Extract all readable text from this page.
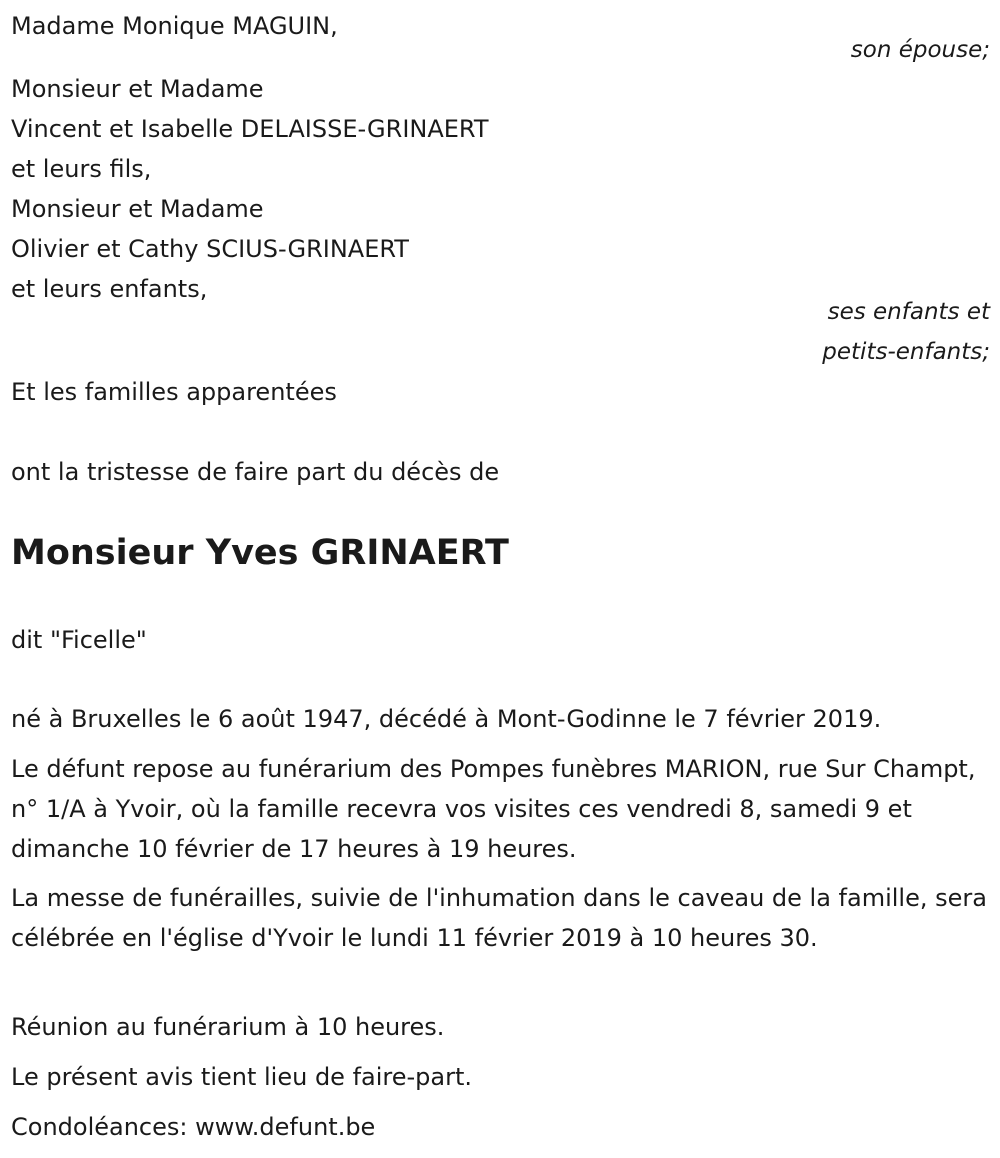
Madame Monique MAGUIN,
son épouse;
Monsieur et Madame
Vincent et Isabelle DELAISSE-GRINAERT
et leurs fils,
Monsieur et Madame
Olivier et Cathy SCIUS-GRINAERT
et leurs enfants,
ses enfants et
petits-enfants;
Et les familles apparentées
ont la tristesse de faire part du décès de
Monsieur Yves GRINAERT
dit "Ficelle"
né à Bruxelles le 6 août 1947, décédé à Mont-Godinne le 7 février 2019.
Le défunt repose au funérarium des Pompes funèbres MARION, rue Sur Champt, n° 1/A à Yvoir, où la famille recevra vos visites ces vendredi 8, samedi 9 et dimanche 10 février de 17 heures à 19 heures.
La messe de funérailles, suivie de l'inhumation dans le caveau de la famille, sera célébrée en l'église d'Yvoir le lundi 11 février 2019 à 10 heures 30.
Réunion au funérarium à 10 heures.
Le présent avis tient lieu de faire-part.
Condoléances: www.defunt.be
